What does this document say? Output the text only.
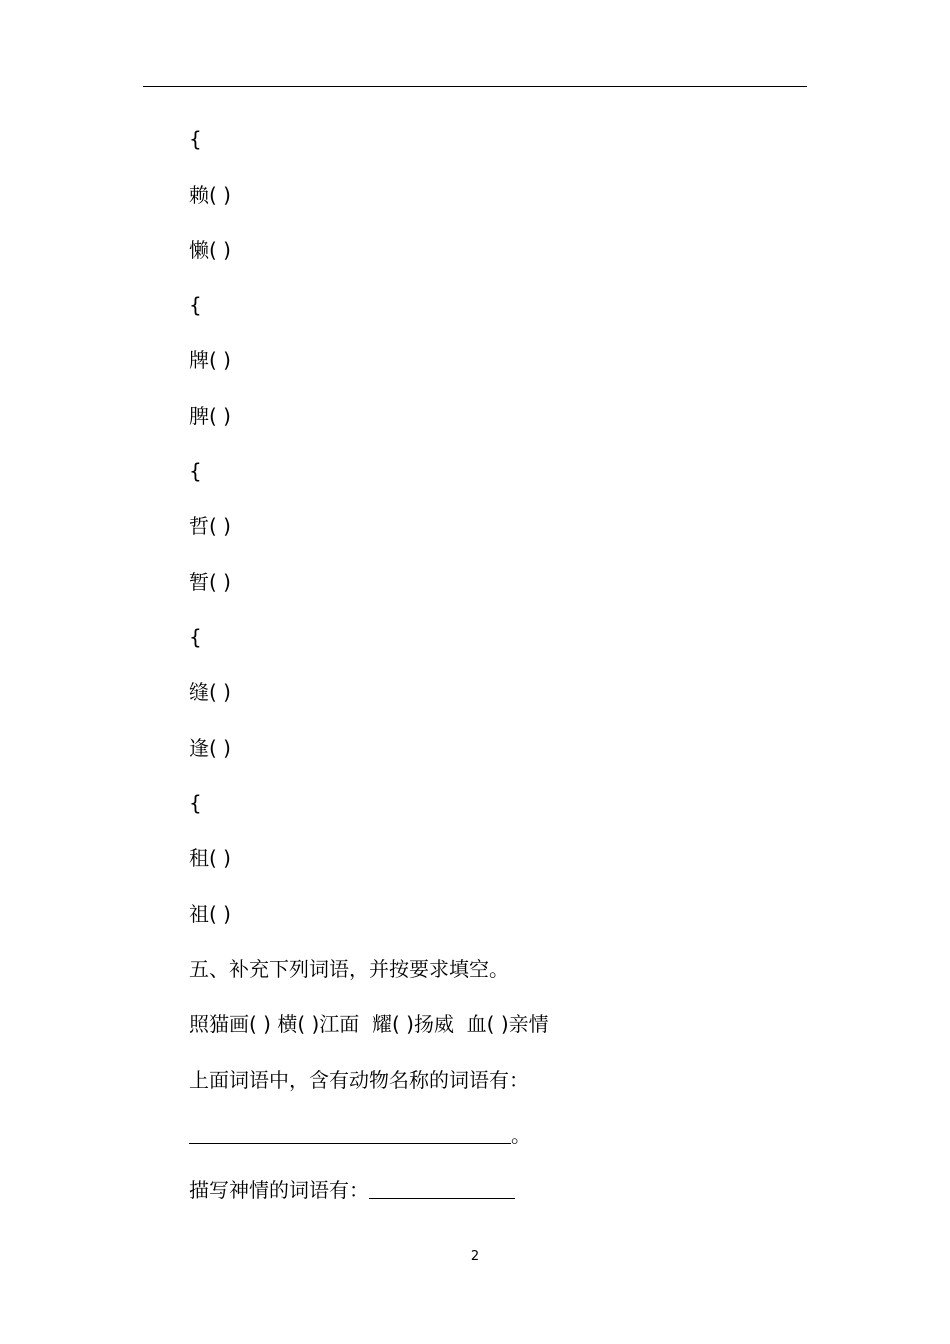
{
赖( )
懒( )
{
牌( )
脾( )
{
哲( )
暂( )
{
缝( )
逢( )
{
租( )
祖( )
五、补充下列词语，并按要求填空。
照猫画( ) 横( )江面  耀( )扬威  血( )亲情
上面词语中，含有动物名称的词语有：
。
描写神情的词语有：
2
